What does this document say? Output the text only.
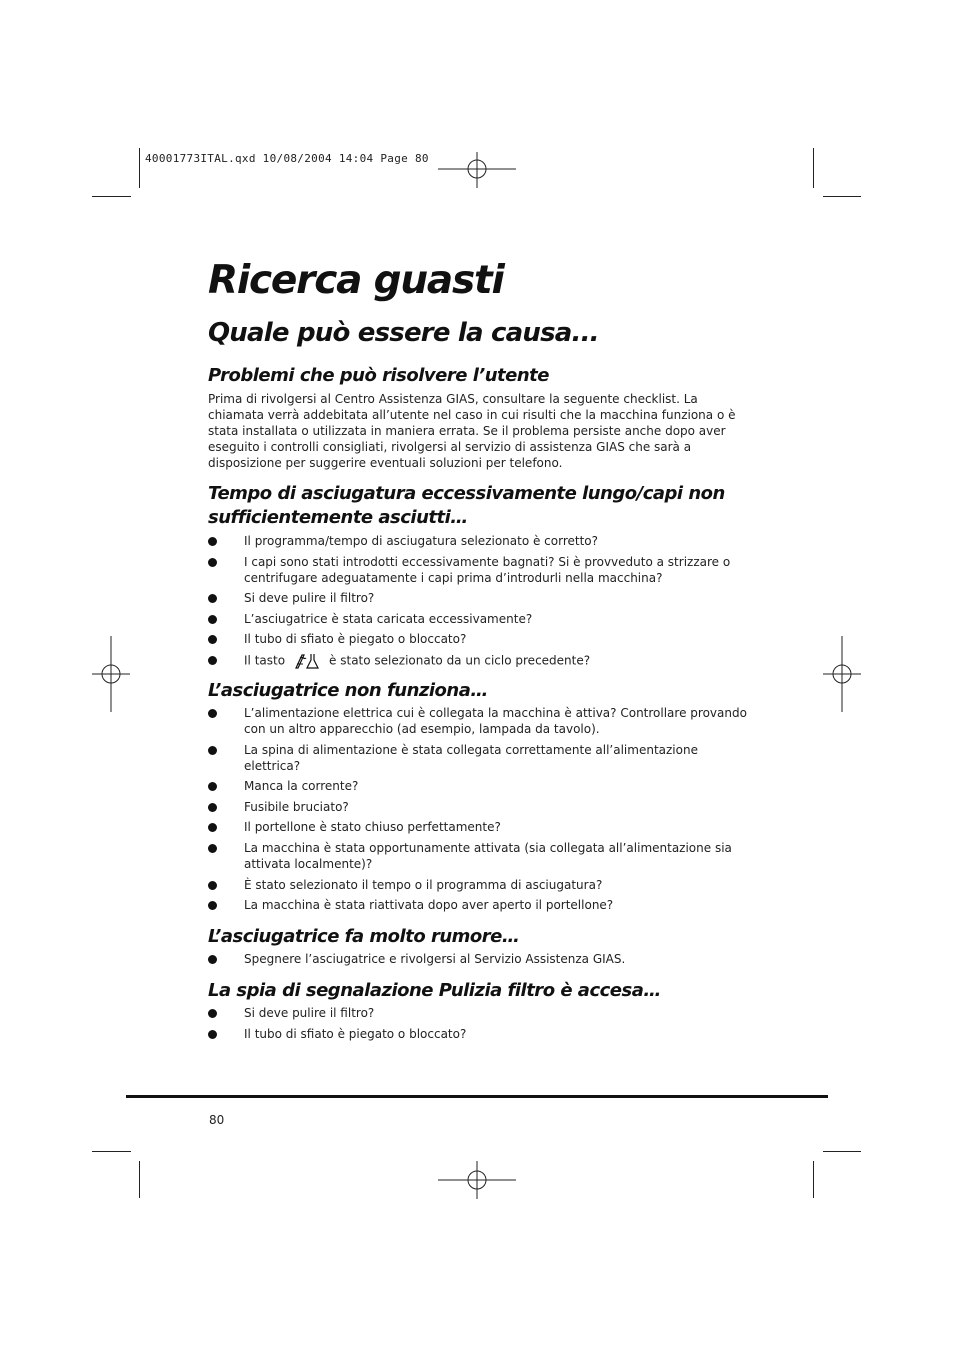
40001773ITAL.qxd 10/08/2004 14:04 Page 80
Ricerca guasti
Quale può essere la causa...
Problemi che può risolvere l’utente

Prima di rivolgersi al Centro Assistenza GIAS, consultare la seguente checklist. La chiamata verrà addebitata all’utente nel caso in cui risulti che la macchina funziona o è stata installata o utilizzata in maniera errata. Se il problema persiste anche dopo aver eseguito i controlli consigliati, rivolgersi al servizio di assistenza GIAS che sarà a disposizione per suggerire eventuali soluzioni per telefono.

Tempo di asciugatura eccessivamente lungo/capi non sufficientemente asciutti…
Il programma/tempo di asciugatura selezionato è corretto?
I capi sono stati introdotti eccessivamente bagnati? Si è provveduto a strizzare o centrifugare adeguatamente i capi prima d’introdurli nella macchina?
Si deve pulire il filtro?
L’asciugatrice è stata caricata eccessivamente?
Il tubo di sfiato è piegato o bloccato?
Il tasto	è stato selezionato da un ciclo precedente?
L’asciugatrice non funziona…
L’alimentazione elettrica cui è collegata la macchina è attiva? Controllare provando con un altro apparecchio (ad esempio, lampada da tavolo).
La spina di alimentazione è stata collegata correttamente all’alimentazione elettrica?
Manca la corrente?
Fusibile bruciato?
Il portellone è stato chiuso perfettamente?
La macchina è stata opportunamente attivata (sia collegata all’alimentazione sia attivata localmente)?
È stato selezionato il tempo o il programma di asciugatura?
La macchina è stata riattivata dopo aver aperto il portellone?
L’asciugatrice fa molto rumore…
Spegnere l’asciugatrice e rivolgersi al Servizio Assistenza GIAS.
La spia di segnalazione Pulizia filtro è accesa…
Si deve pulire il filtro?
Il tubo di sfiato è piegato o bloccato?
80
